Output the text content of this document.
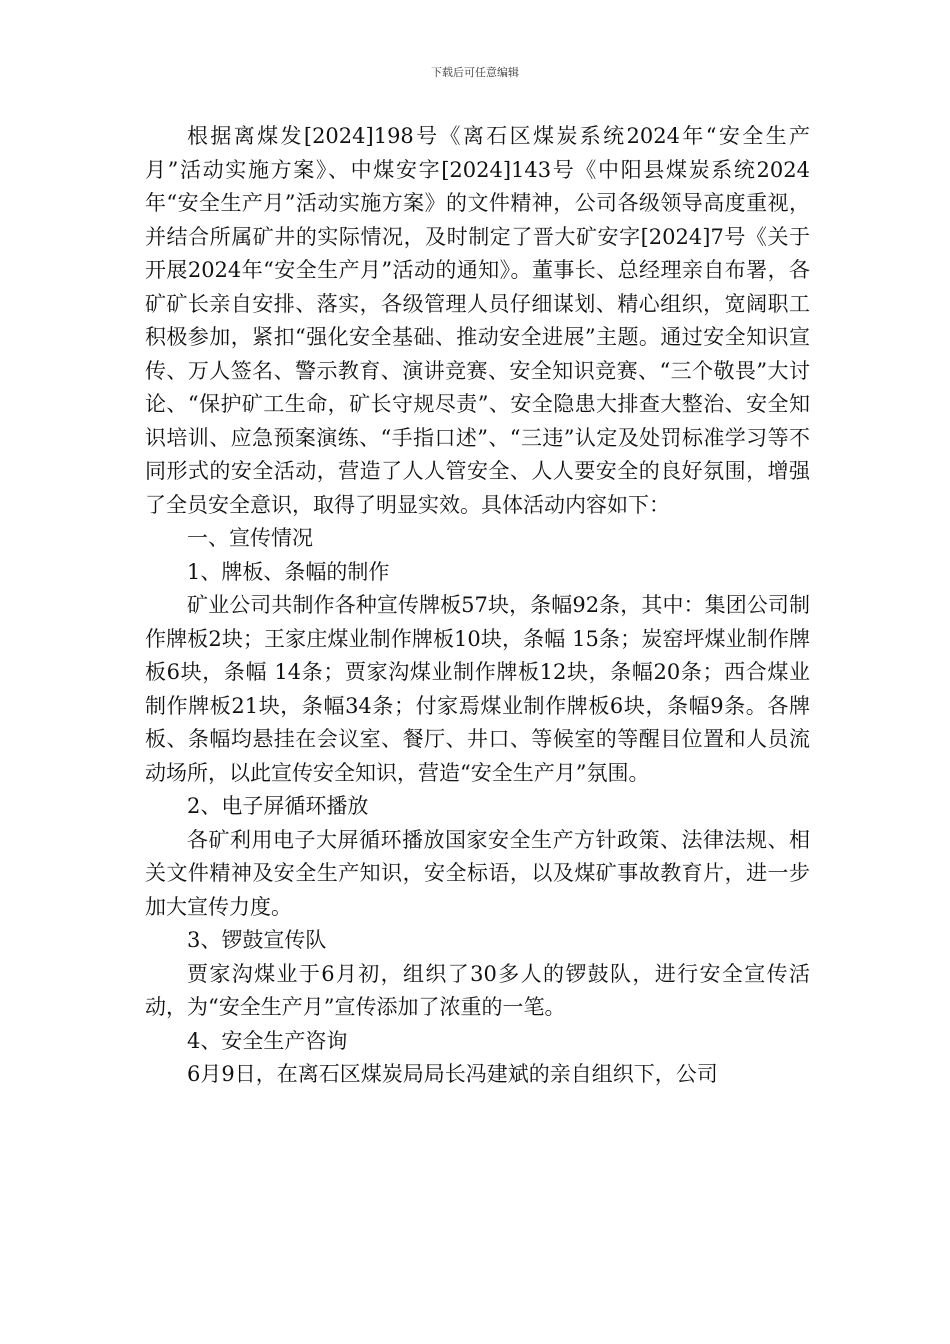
下载后可任意编辑

根据离煤发[2024]198号《离石区煤炭系统2024年“安全生产月”活动实施方案》、中煤安字[2024]143号《中阳县煤炭系统2024年“安全生产月”活动实施方案》的文件精神，公司各级领导高度重视，并结合所属矿井的实际情况，及时制定了晋大矿安字[2024]7号《关于开展2024年“安全生产月”活动的通知》。董事长、总经理亲自布署，各矿矿长亲自安排、落实，各级管理人员仔细谋划、精心组织，宽阔职工积极参加，紧扣“强化安全基础、推动安全进展”主题。通过安全知识宣传、万人签名、警示教育、演讲竞赛、安全知识竞赛、“三个敬畏”大讨论、“保护矿工生命，矿长守规尽责”、安全隐患大排查大整治、安全知识培训、应急预案演练、“手指口述”、“三违”认定及处罚标准学习等不同形式的安全活动，营造了人人管安全、人人要安全的良好氛围，增强了全员安全意识，取得了明显实效。具体活动内容如下：

一、宣传情况

1、牌板、条幅的制作

矿业公司共制作各种宣传牌板57块，条幅92条，其中：集团公司制作牌板2块；王家庄煤业制作牌板10块，条幅 15条；炭窑坪煤业制作牌板6块，条幅 14条；贾家沟煤业制作牌板12块，条幅20条；西合煤业制作牌板21块，条幅34条；付家焉煤业制作牌板6块，条幅9条。各牌板、条幅均悬挂在会议室、餐厅、井口、等候室的等醒目位置和人员流动场所，以此宣传安全知识，营造“安全生产月”氛围。

2、电子屏循环播放

各矿利用电子大屏循环播放国家安全生产方针政策、法律法规、相关文件精神及安全生产知识，安全标语，以及煤矿事故教育片，进一步加大宣传力度。

3、锣鼓宣传队

贾家沟煤业于6月初，组织了30多人的锣鼓队，进行安全宣传活动，为“安全生产月”宣传添加了浓重的一笔。

4、安全生产咨询

6月9日，在离石区煤炭局局长冯建斌的亲自组织下，公司
